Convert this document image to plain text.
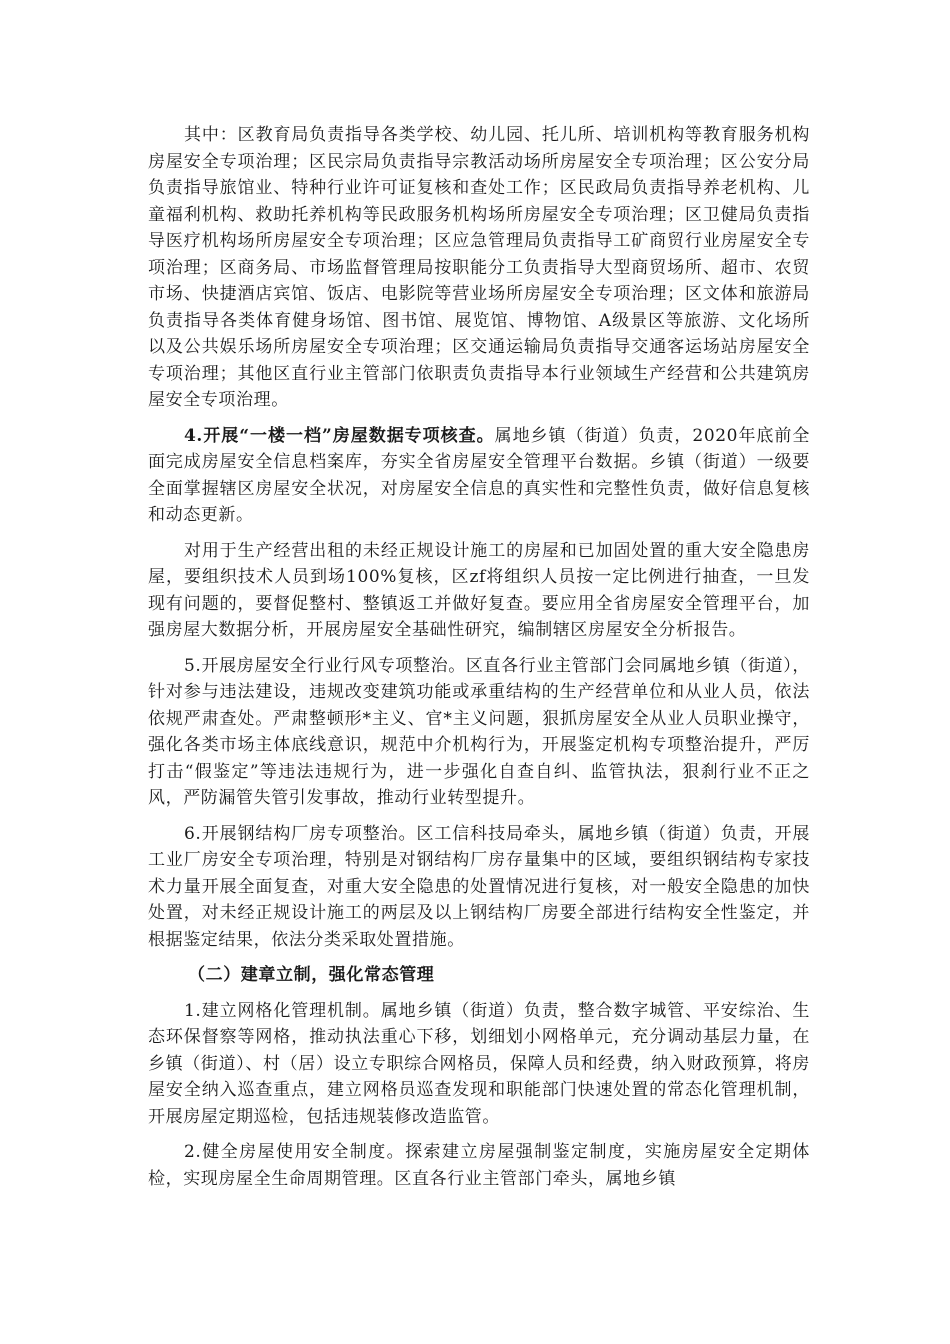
其中：区教育局负责指导各类学校、幼儿园、托儿所、培训机构等教育服务机构房屋安全专项治理；区民宗局负责指导宗教活动场所房屋安全专项治理；区公安分局负责指导旅馆业、特种行业许可证复核和查处工作；区民政局负责指导养老机构、儿童福利机构、救助托养机构等民政服务机构场所房屋安全专项治理；区卫健局负责指导医疗机构场所房屋安全专项治理；区应急管理局负责指导工矿商贸行业房屋安全专项治理；区商务局、市场监督管理局按职能分工负责指导大型商贸场所、超市、农贸市场、快捷酒店宾馆、饭店、电影院等营业场所房屋安全专项治理；区文体和旅游局负责指导各类体育健身场馆、图书馆、展览馆、博物馆、A级景区等旅游、文化场所以及公共娱乐场所房屋安全专项治理；区交通运输局负责指导交通客运场站房屋安全专项治理；其他区直行业主管部门依职责负责指导本行业领域生产经营和公共建筑房屋安全专项治理。

4.开展“一楼一档”房屋数据专项核查。属地乡镇（街道）负责，2020年底前全面完成房屋安全信息档案库，夯实全省房屋安全管理平台数据。乡镇（街道）一级要全面掌握辖区房屋安全状况，对房屋安全信息的真实性和完整性负责，做好信息复核和动态更新。

对用于生产经营出租的未经正规设计施工的房屋和已加固处置的重大安全隐患房屋，要组织技术人员到场100%复核，区zf将组织人员按一定比例进行抽查，一旦发现有问题的，要督促整村、整镇返工并做好复查。要应用全省房屋安全管理平台，加强房屋大数据分析，开展房屋安全基础性研究，编制辖区房屋安全分析报告。

5.开展房屋安全行业行风专项整治。区直各行业主管部门会同属地乡镇（街道），针对参与违法建设，违规改变建筑功能或承重结构的生产经营单位和从业人员，依法依规严肃查处。严肃整顿形*主义、官*主义问题，狠抓房屋安全从业人员职业操守，强化各类市场主体底线意识，规范中介机构行为，开展鉴定机构专项整治提升，严厉打击“假鉴定”等违法违规行为，进一步强化自查自纠、监管执法，狠刹行业不正之风，严防漏管失管引发事故，推动行业转型提升。

6.开展钢结构厂房专项整治。区工信科技局牵头，属地乡镇（街道）负责，开展工业厂房安全专项治理，特别是对钢结构厂房存量集中的区域，要组织钢结构专家技术力量开展全面复查，对重大安全隐患的处置情况进行复核，对一般安全隐患的加快处置，对未经正规设计施工的两层及以上钢结构厂房要全部进行结构安全性鉴定，并根据鉴定结果，依法分类采取处置措施。

（二）建章立制，强化常态管理

1.建立网格化管理机制。属地乡镇（街道）负责，整合数字城管、平安综治、生态环保督察等网格，推动执法重心下移，划细划小网格单元，充分调动基层力量，在乡镇（街道）、村（居）设立专职综合网格员，保障人员和经费，纳入财政预算，将房屋安全纳入巡查重点，建立网格员巡查发现和职能部门快速处置的常态化管理机制，开展房屋定期巡检，包括违规装修改造监管。

2.健全房屋使用安全制度。探索建立房屋强制鉴定制度，实施房屋安全定期体检，实现房屋全生命周期管理。区直各行业主管部门牵头，属地乡镇
